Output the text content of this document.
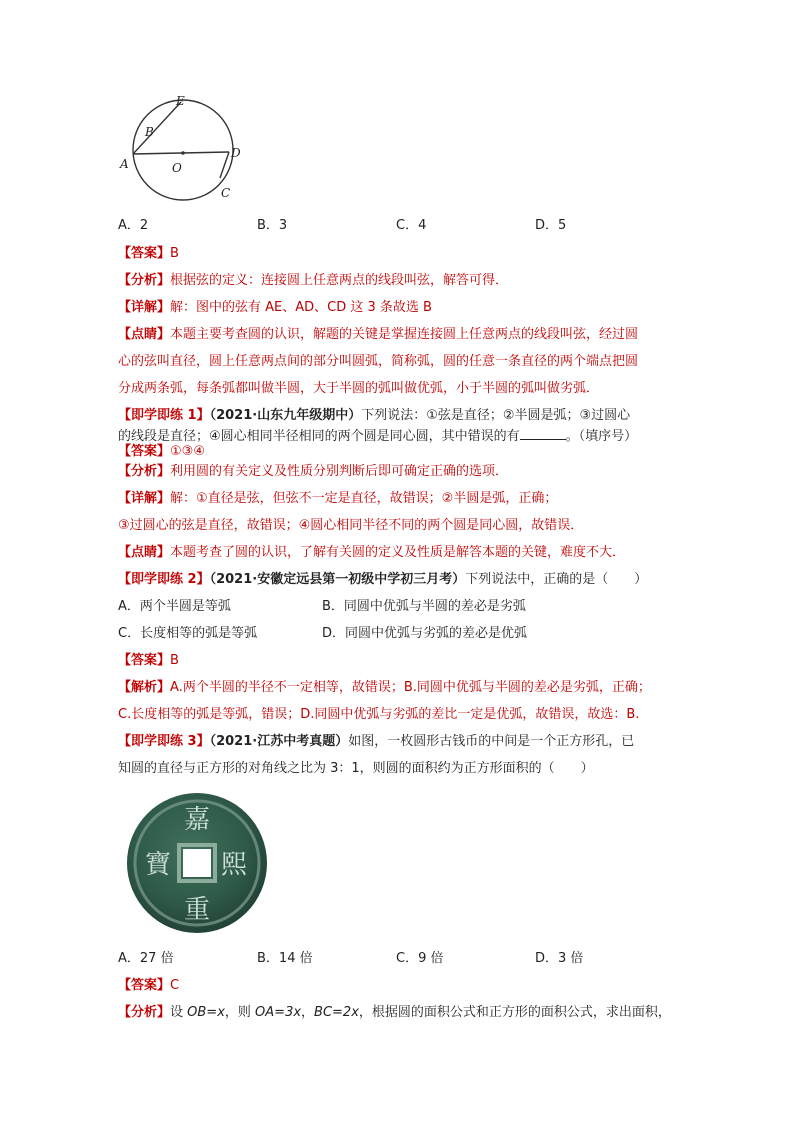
E
B
A	O
D
C
A．2	B．3	C．4	D．5
【答案】B
【分析】根据弦的定义：连接圆上任意两点的线段叫弦，解答可得．
【详解】解：图中的弦有 AE、AD、CD 这 3 条故选 B
【点睛】本题主要考查圆的认识，解题的关键是掌握连接圆上任意两点的线段叫弦，经过圆
心的弦叫直径，圆上任意两点间的部分叫圆弧，简称弧，圆的任意一条直径的两个端点把圆
分成两条弧，每条弧都叫做半圆，大于半圆的弧叫做优弧，小于半圆的弧叫做劣弧．
【即学即练 1】（2021·山东九年级期中）下列说法：①弦是直径；②半圆是弧；③过圆心
的线段是直径；④圆心相同半径相同的两个圆是同心圆，其中错误的有	。（填序号）
【答案】①③④
【分析】利用圆的有关定义及性质分别判断后即可确定正确的选项．
【详解】解：①直径是弦，但弦不一定是直径，故错误；②半圆是弧，正确；
③过圆心的弦是直径，故错误；④圆心相同半径不同的两个圆是同心圆，故错误．
【点睛】本题考查了圆的认识，了解有关圆的定义及性质是解答本题的关键，难度不大．
【即学即练 2】（2021·安徽定远县第一初级中学初三月考）下列说法中，正确的是（　　）
A．两个半圆是等弧	B．同圆中优弧与半圆的差必是劣弧
C．长度相等的弧是等弧	D．同圆中优弧与劣弧的差必是优弧
【答案】B
【解析】A.两个半圆的半径不一定相等，故错误；B.同圆中优弧与半圆的差必是劣弧，正确；
C.长度相等的弧是等弧，错误；D.同圆中优弧与劣弧的差比一定是优弧，故错误，故选：B.
【即学即练 3】（2021·江苏中考真题）如图，一枚圆形古钱币的中间是一个正方形孔，已
知圆的直径与正方形的对角线之比为 3：1，则圆的面积约为正方形面积的（　　）
嘉
熙
重
寶
A．27 倍	B．14 倍	C．9 倍	D．3 倍
【答案】C
【分析】设 OB=x，则 OA=3x，BC=2x，根据圆的面积公式和正方形的面积公式，求出面积，
